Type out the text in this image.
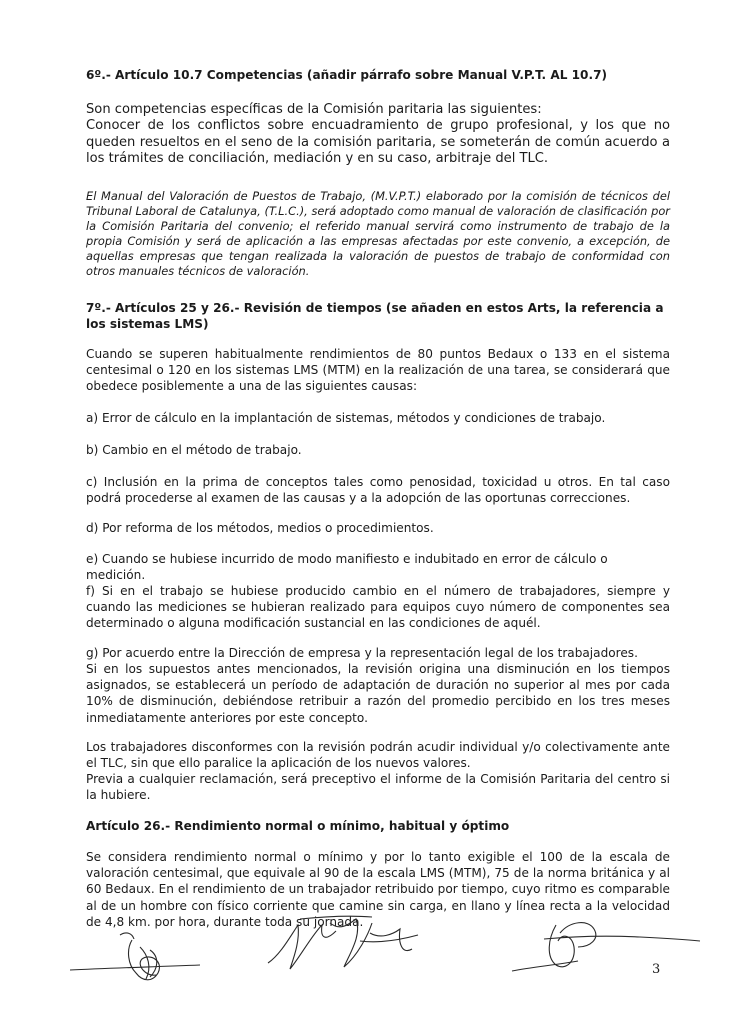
6º.- Artículo 10.7 Competencias (añadir párrafo sobre Manual V.P.T. AL 10.7)

Son competencias específicas de la Comisión paritaria las siguientes:

Conocer de los conflictos sobre encuadramiento de grupo profesional, y los que no queden resueltos en el seno de la comisión paritaria, se someterán de común acuerdo a los trámites de conciliación, mediación y en su caso, arbitraje del TLC.

El Manual del Valoración de Puestos de Trabajo, (M.V.P.T.) elaborado por la comisión de técnicos del Tribunal Laboral de Catalunya, (T.L.C.), será adoptado como manual de valoración de clasificación por la Comisión Paritaria del convenio; el referido manual servirá como instrumento de trabajo de la propia Comisión y será de aplicación a las empresas afectadas por este convenio, a excepción, de aquellas empresas que tengan realizada la valoración de puestos de trabajo de conformidad con otros manuales técnicos de valoración.

7º.- Artículos 25 y 26.- Revisión de tiempos (se añaden en estos Arts, la referencia a los sistemas LMS)

Cuando se superen habitualmente rendimientos de 80 puntos Bedaux o 133 en el sistema centesimal o 120 en los sistemas LMS (MTM) en la realización de una tarea, se considerará que obedece posiblemente a una de las siguientes causas:

a) Error de cálculo en la implantación de sistemas, métodos y condiciones de trabajo.

b) Cambio en el método de trabajo.

c) Inclusión en la prima de conceptos tales como penosidad, toxicidad u otros. En tal caso podrá procederse al examen de las causas y a la adopción de las oportunas correcciones.

d) Por reforma de los métodos, medios o procedimientos.

e) Cuando se hubiese incurrido de modo manifiesto e indubitado en error de cálculo o medición.

f) Si en el trabajo se hubiese producido cambio en el número de trabajadores, siempre y cuando las mediciones se hubieran realizado para equipos cuyo número de componentes sea determinado o alguna modificación sustancial en las condiciones de aquél.

g) Por acuerdo entre la Dirección de empresa y la representación legal de los trabajadores.

Si en los supuestos antes mencionados, la revisión origina una disminución en los tiempos asignados, se establecerá un período de adaptación de duración no superior al mes por cada 10% de disminución, debiéndose retribuir a razón del promedio percibido en los tres meses inmediatamente anteriores por este concepto.

Los trabajadores disconformes con la revisión podrán acudir individual y/o colectivamente ante el TLC, sin que ello paralice la aplicación de los nuevos valores.

Previa a cualquier reclamación, será preceptivo el informe de la Comisión Paritaria del centro si la hubiere.

Artículo 26.- Rendimiento normal o mínimo, habitual y óptimo

Se considera rendimiento normal o mínimo y por lo tanto exigible el 100 de la escala de valoración centesimal, que equivale al 90 de la escala LMS (MTM), 75 de la norma británica y al 60 Bedaux. En el rendimiento de un trabajador retribuido por tiempo, cuyo ritmo es comparable al de un hombre con físico corriente que camine sin carga, en llano y línea recta a la velocidad de 4,8 km. por hora, durante toda su jornada.

3
